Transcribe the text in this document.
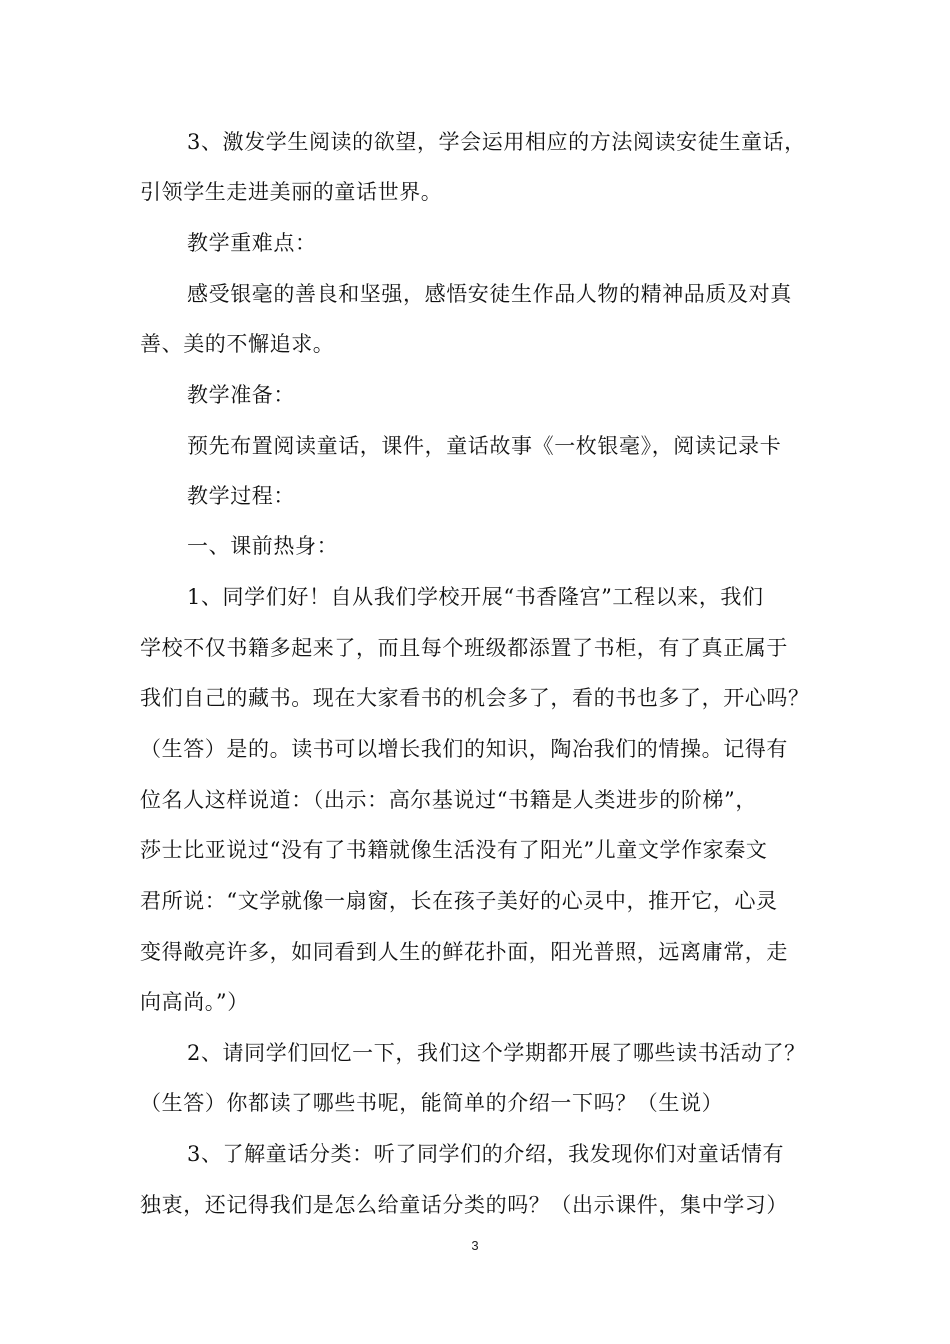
3、激发学生阅读的欲望，学会运用相应的方法阅读安徒生童话，
引领学生走进美丽的童话世界。
教学重难点：
感受银毫的善良和坚强，感悟安徒生作品人物的精神品质及对真
善、美的不懈追求。
教学准备：
预先布置阅读童话，课件，童话故事《一枚银毫》，阅读记录卡
教学过程：
一、课前热身：
1、同学们好！自从我们学校开展“书香隆宫”工程以来，我们
学校不仅书籍多起来了，而且每个班级都添置了书柜，有了真正属于
我们自己的藏书。现在大家看书的机会多了，看的书也多了，开心吗？
（生答）是的。读书可以增长我们的知识，陶冶我们的情操。记得有
位名人这样说道：（出示：高尔基说过“书籍是人类进步的阶梯”，
莎士比亚说过“没有了书籍就像生活没有了阳光”儿童文学作家秦文
君所说：“文学就像一扇窗，长在孩子美好的心灵中，推开它，心灵
变得敞亮许多，如同看到人生的鲜花扑面，阳光普照，远离庸常，走
向高尚。”）
2、请同学们回忆一下，我们这个学期都开展了哪些读书活动了？
（生答）你都读了哪些书呢，能简单的介绍一下吗？（生说）
3、了解童话分类：听了同学们的介绍，我发现你们对童话情有
独衷，还记得我们是怎么给童话分类的吗？（出示课件，集中学习）
3
